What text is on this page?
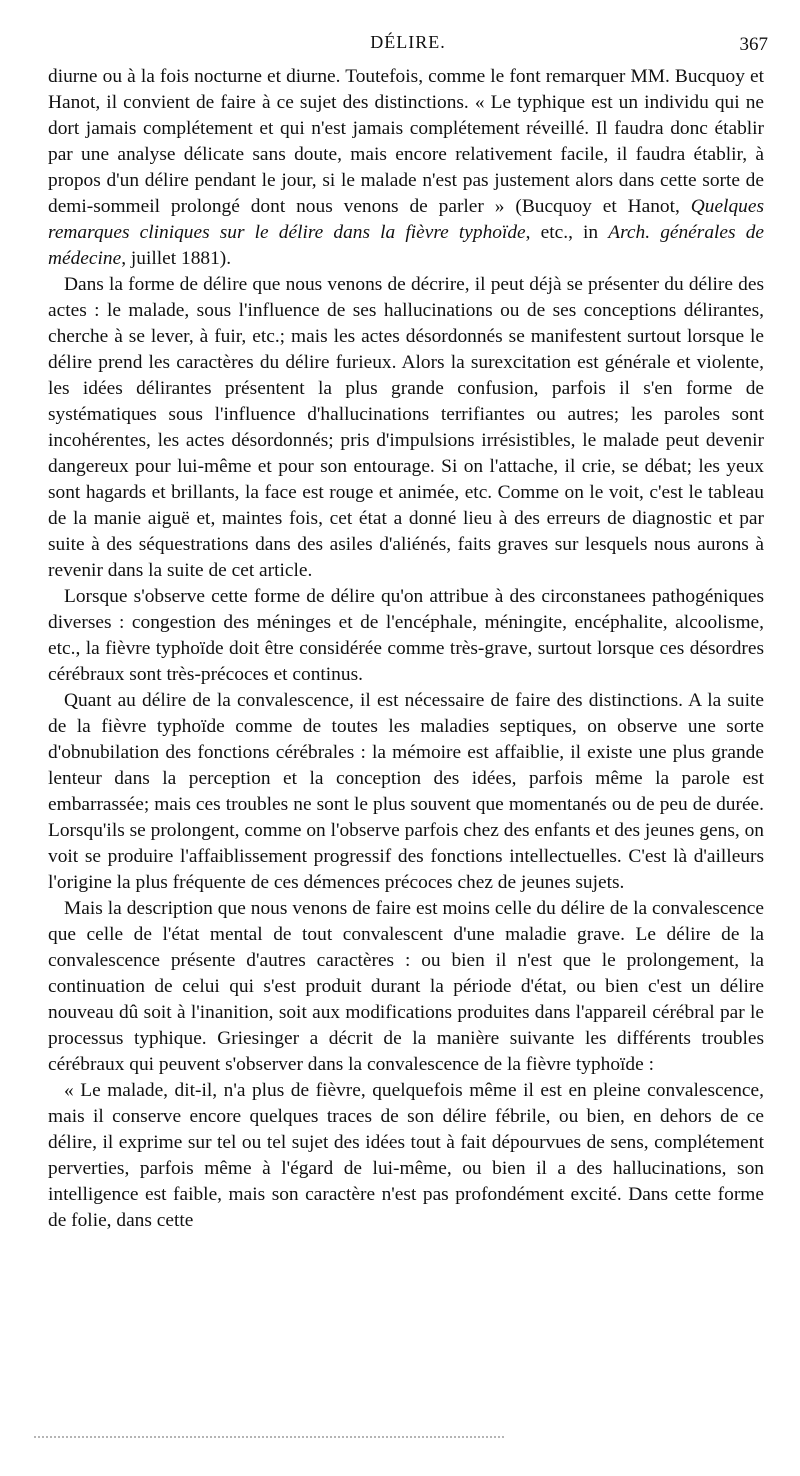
DÉLIRE.	367

diurne ou à la fois nocturne et diurne. Toutefois, comme le font remarquer MM. Bucquoy et Hanot, il convient de faire à ce sujet des distinctions. « Le typhique est un individu qui ne dort jamais complétement et qui n'est jamais complétement réveillé. Il faudra donc établir par une analyse délicate sans doute, mais encore relativement facile, il faudra établir, à propos d'un délire pendant le jour, si le malade n'est pas justement alors dans cette sorte de demi-sommeil prolongé dont nous venons de parler » (Bucquoy et Hanot, Quelques remarques cliniques sur le délire dans la fièvre typhoïde, etc., in Arch. générales de médecine, juillet 1881).

Dans la forme de délire que nous venons de décrire, il peut déjà se présenter du délire des actes : le malade, sous l'influence de ses hallucinations ou de ses conceptions délirantes, cherche à se lever, à fuir, etc.; mais les actes désordonnés se manifestent surtout lorsque le délire prend les caractères du délire furieux. Alors la surexcitation est générale et violente, les idées délirantes présentent la plus grande confusion, parfois il s'en forme de systématiques sous l'influence d'hallucinations terrifiantes ou autres; les paroles sont incohérentes, les actes désordonnés; pris d'impulsions irrésistibles, le malade peut devenir dangereux pour lui-même et pour son entourage. Si on l'attache, il crie, se débat; les yeux sont hagards et brillants, la face est rouge et animée, etc. Comme on le voit, c'est le tableau de la manie aiguë et, maintes fois, cet état a donné lieu à des erreurs de diagnostic et par suite à des séquestrations dans des asiles d'aliénés, faits graves sur lesquels nous aurons à revenir dans la suite de cet article.

Lorsque s'observe cette forme de délire qu'on attribue à des circonstanees pathogéniques diverses : congestion des méninges et de l'encéphale, méningite, encéphalite, alcoolisme, etc., la fièvre typhoïde doit être considérée comme très-grave, surtout lorsque ces désordres cérébraux sont très-précoces et continus.

Quant au délire de la convalescence, il est nécessaire de faire des distinctions. A la suite de la fièvre typhoïde comme de toutes les maladies septiques, on observe une sorte d'obnubilation des fonctions cérébrales : la mémoire est affaiblie, il existe une plus grande lenteur dans la perception et la conception des idées, parfois même la parole est embarrassée; mais ces troubles ne sont le plus souvent que momentanés ou de peu de durée. Lorsqu'ils se prolongent, comme on l'observe parfois chez des enfants et des jeunes gens, on voit se produire l'affaiblissement progressif des fonctions intellectuelles. C'est là d'ailleurs l'origine la plus fréquente de ces démences précoces chez de jeunes sujets.

Mais la description que nous venons de faire est moins celle du délire de la convalescence que celle de l'état mental de tout convalescent d'une maladie grave. Le délire de la convalescence présente d'autres caractères : ou bien il n'est que le prolongement, la continuation de celui qui s'est produit durant la période d'état, ou bien c'est un délire nouveau dû soit à l'inanition, soit aux modifications produites dans l'appareil cérébral par le processus typhique. Griesinger a décrit de la manière suivante les différents troubles cérébraux qui peuvent s'observer dans la convalescence de la fièvre typhoïde :

« Le malade, dit-il, n'a plus de fièvre, quelquefois même il est en pleine convalescence, mais il conserve encore quelques traces de son délire fébrile, ou bien, en dehors de ce délire, il exprime sur tel ou tel sujet des idées tout à fait dépourvues de sens, complétement perverties, parfois même à l'égard de lui-même, ou bien il a des hallucinations, son intelligence est faible, mais son caractère n'est pas profondément excité. Dans cette forme de folie, dans cette
